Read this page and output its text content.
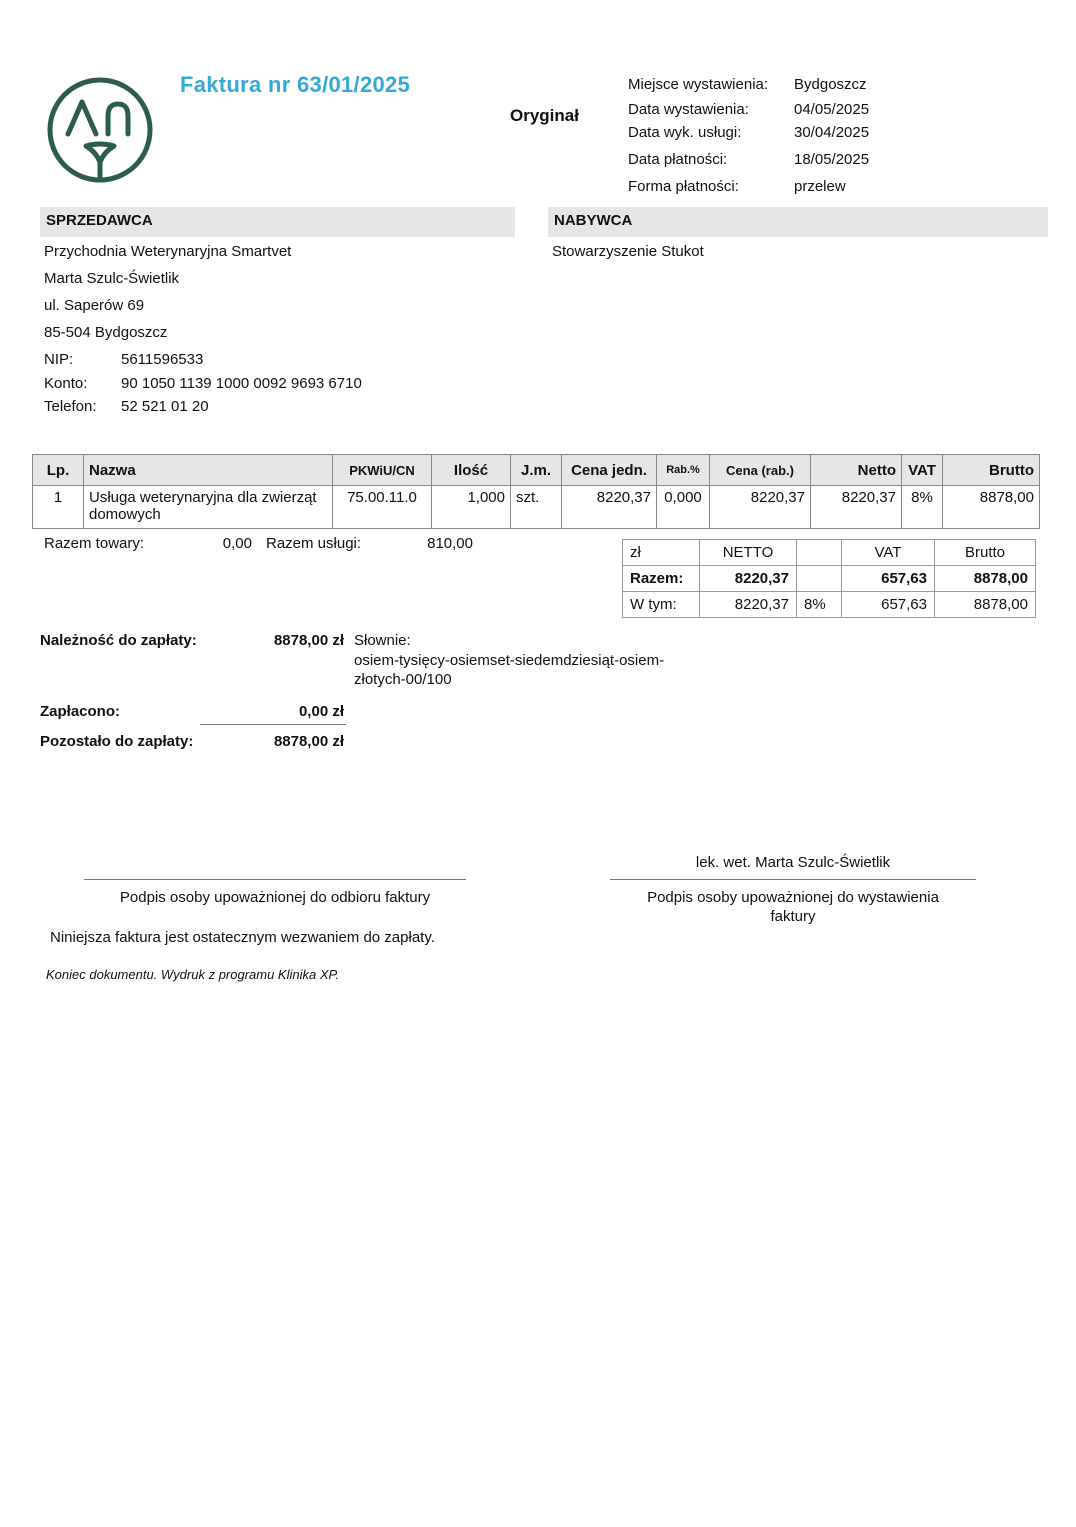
Faktura nr 63/01/2025
Oryginał
Miejsce wystawienia:	Bydgoszcz
Data wystawienia:	04/05/2025
Data wyk. usługi:	30/04/2025
Data płatności:	18/05/2025
Forma płatności:	przelew
SPRZEDAWCA	NABYWCA
Przychodnia Weterynaryjna Smartvet
Marta Szulc-Świetlik
ul. Saperów 69
85-504 Bydgoszcz
NIP:	5611596533
Konto:	90 1050 1139 1000 0092 9693 6710
Telefon:	52 521 01 20
Stowarzyszenie Stukot
Lp.	Nazwa	PKWiU/CN	Ilość	J.m.	Cena jedn.	Rab.%	Cena (rab.)	Netto	VAT	Brutto
1	Usługa weterynaryjna dla zwierząt domowych	75.00.11.0	1,000	szt.	8220,37	0,000	8220,37	8220,37	8%	8878,00
Razem towary:	0,00 Razem usługi:	810,00
zł	NETTO		VAT	Brutto
Razem:	8220,37		657,63	8878,00
W tym:	8220,37	8%	657,63	8878,00
Należność do zapłaty:	8878,00 zł Słownie:
osiem-tysięcy-osiemset-siedemdziesiąt-osiem-
złotych-00/100
Zapłacono:	0,00 zł
Pozostało do zapłaty:	8878,00 zł
lek. wet. Marta Szulc-Świetlik
Podpis osoby upoważnionej do odbioru faktury	Podpis osoby upoważnionej do wystawienia
faktury
Niniejsza faktura jest ostatecznym wezwaniem do zapłaty.
Koniec dokumentu. Wydruk z programu Klinika XP.
